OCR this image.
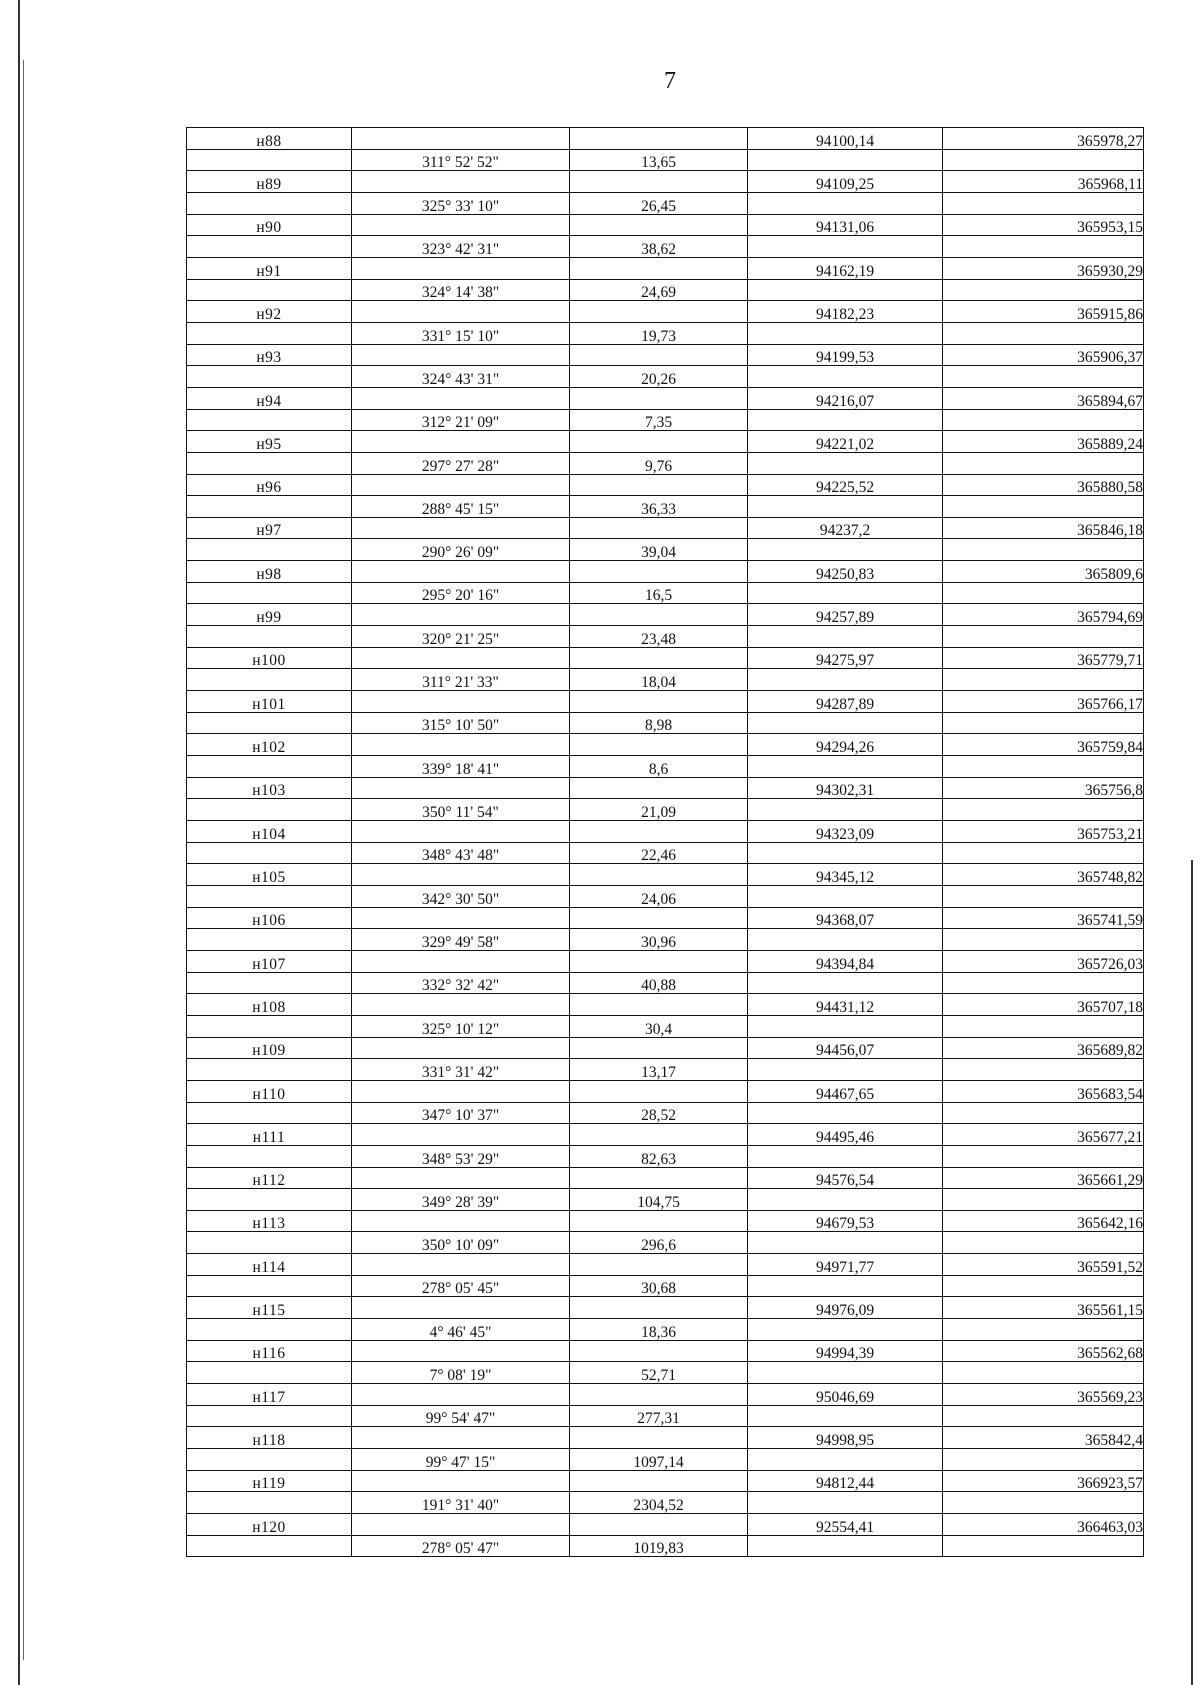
7
н88			94100,14	365978,27
	311° 52' 52"	13,65		
н89			94109,25	365968,11
	325° 33' 10"	26,45		
н90			94131,06	365953,15
	323° 42' 31"	38,62		
н91			94162,19	365930,29
	324° 14' 38"	24,69		
н92			94182,23	365915,86
	331° 15' 10"	19,73		
н93			94199,53	365906,37
	324° 43' 31"	20,26		
н94			94216,07	365894,67
	312° 21' 09"	7,35		
н95			94221,02	365889,24
	297° 27' 28"	9,76		
н96			94225,52	365880,58
	288° 45' 15"	36,33		
н97			94237,2	365846,18
	290° 26' 09"	39,04		
н98			94250,83	365809,6
	295° 20' 16"	16,5		
н99			94257,89	365794,69
	320° 21' 25"	23,48		
н100			94275,97	365779,71
	311° 21' 33"	18,04		
н101			94287,89	365766,17
	315° 10' 50"	8,98		
н102			94294,26	365759,84
	339° 18' 41"	8,6		
н103			94302,31	365756,8
	350° 11' 54"	21,09		
н104			94323,09	365753,21
	348° 43' 48"	22,46		
н105			94345,12	365748,82
	342° 30' 50"	24,06		
н106			94368,07	365741,59
	329° 49' 58"	30,96		
н107			94394,84	365726,03
	332° 32' 42"	40,88		
н108			94431,12	365707,18
	325° 10' 12"	30,4		
н109			94456,07	365689,82
	331° 31' 42"	13,17		
н110			94467,65	365683,54
	347° 10' 37"	28,52		
н111			94495,46	365677,21
	348° 53' 29"	82,63		
н112			94576,54	365661,29
	349° 28' 39"	104,75		
н113			94679,53	365642,16
	350° 10' 09"	296,6		
н114			94971,77	365591,52
	278° 05' 45"	30,68		
н115			94976,09	365561,15
	4° 46' 45"	18,36		
н116			94994,39	365562,68
	7° 08' 19"	52,71		
н117			95046,69	365569,23
	99° 54' 47"	277,31		
н118			94998,95	365842,4
	99° 47' 15"	1097,14		
н119			94812,44	366923,57
	191° 31' 40"	2304,52		
н120			92554,41	366463,03
	278° 05' 47"	1019,83		
